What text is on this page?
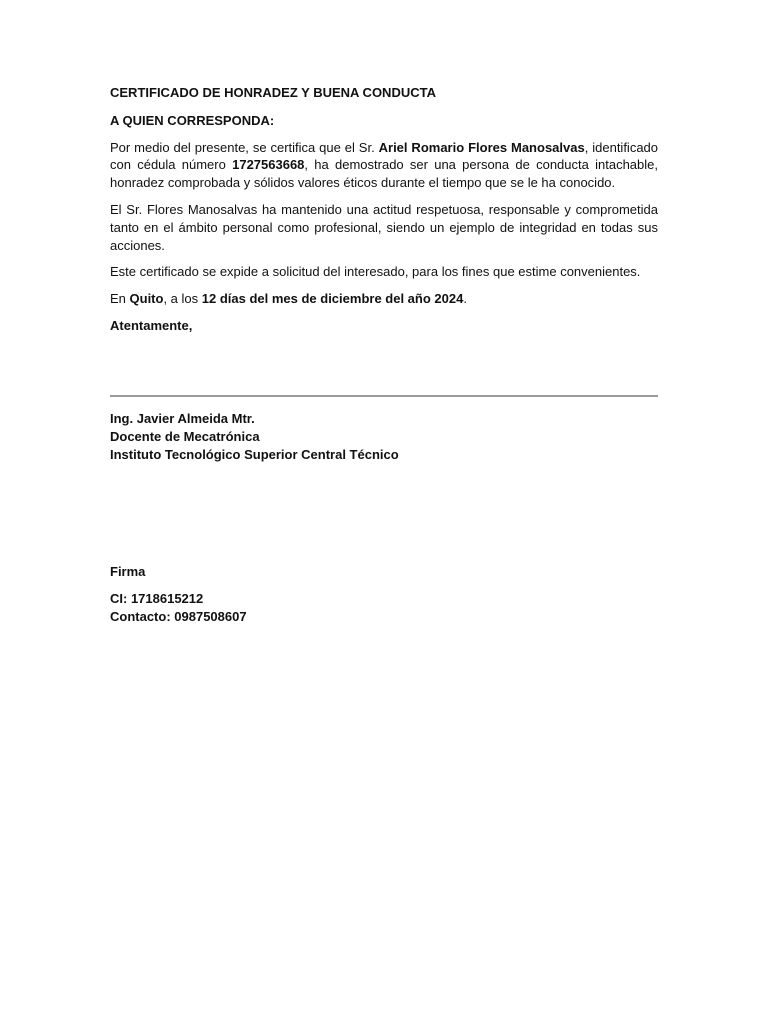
CERTIFICADO DE HONRADEZ Y BUENA CONDUCTA
A QUIEN CORRESPONDA:

Por medio del presente, se certifica que el Sr. Ariel Romario Flores Manosalvas, identificado con cédula número 1727563668, ha demostrado ser una persona de conducta intachable, honradez comprobada y sólidos valores éticos durante el tiempo que se le ha conocido.

El Sr. Flores Manosalvas ha mantenido una actitud respetuosa, responsable y comprometida tanto en el ámbito personal como profesional, siendo un ejemplo de integridad en todas sus acciones.

Este certificado se expide a solicitud del interesado, para los fines que estime convenientes.

En Quito, a los 12 días del mes de diciembre del año 2024.

Atentamente,
Ing. Javier Almeida Mtr.
Docente de Mecatrónica
Instituto Tecnológico Superior Central Técnico
Firma
CI: 1718615212
Contacto: 0987508607
